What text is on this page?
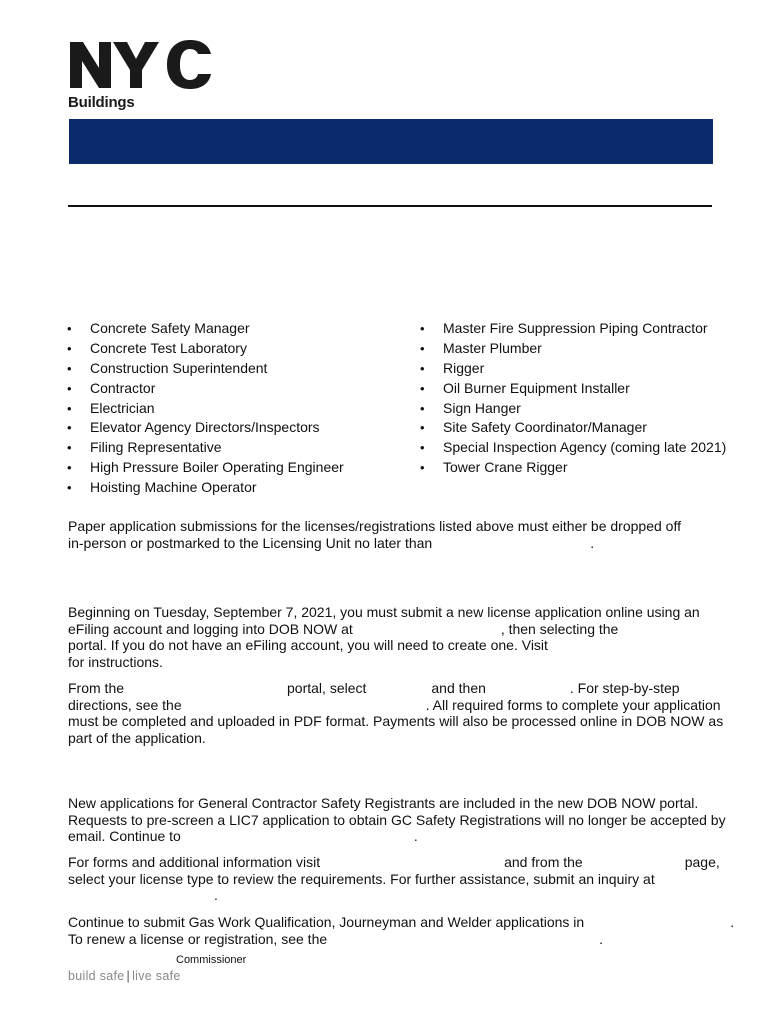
Buildings
• Concrete Safety Manager
• Concrete Test Laboratory
• Construction Superintendent
• Contractor
• Electrician
• Elevator Agency Directors/Inspectors
• Filing Representative
• High Pressure Boiler Operating Engineer
• Hoisting Machine Operator
• Master Fire Suppression Piping Contractor
• Master Plumber
• Rigger
• Oil Burner Equipment Installer
• Sign Hanger
• Site Safety Coordinator/Manager
• Special Inspection Agency (coming late 2021)
• Tower Crane Rigger
Paper application submissions for the licenses/registrations listed above must either be dropped off
in-person or postmarked to the Licensing Unit no later than	.
Beginning on Tuesday, September 7, 2021, you must submit a new license application online using an
eFiling account and logging into DOB NOW at	, then selecting the
portal. If you do not have an eFiling account, you will need to create one. Visit
for instructions.
From the	portal, select	and then	. For step-by-step
directions, see the	. All required forms to complete your application
must be completed and uploaded in PDF format. Payments will also be processed online in DOB NOW as
part of the application.
New applications for General Contractor Safety Registrants are included in the new DOB NOW portal.
Requests to pre-screen a LIC7 application to obtain GC Safety Registrations will no longer be accepted by
email. Continue to	.
For forms and additional information visit	and from the	page,
select your license type to review the requirements. For further assistance, submit an inquiry at
.
Continue to submit Gas Work Qualification, Journeyman and Welder applications in	.
To renew a license or registration, see the	.
Commissioner
build safe | live safe
